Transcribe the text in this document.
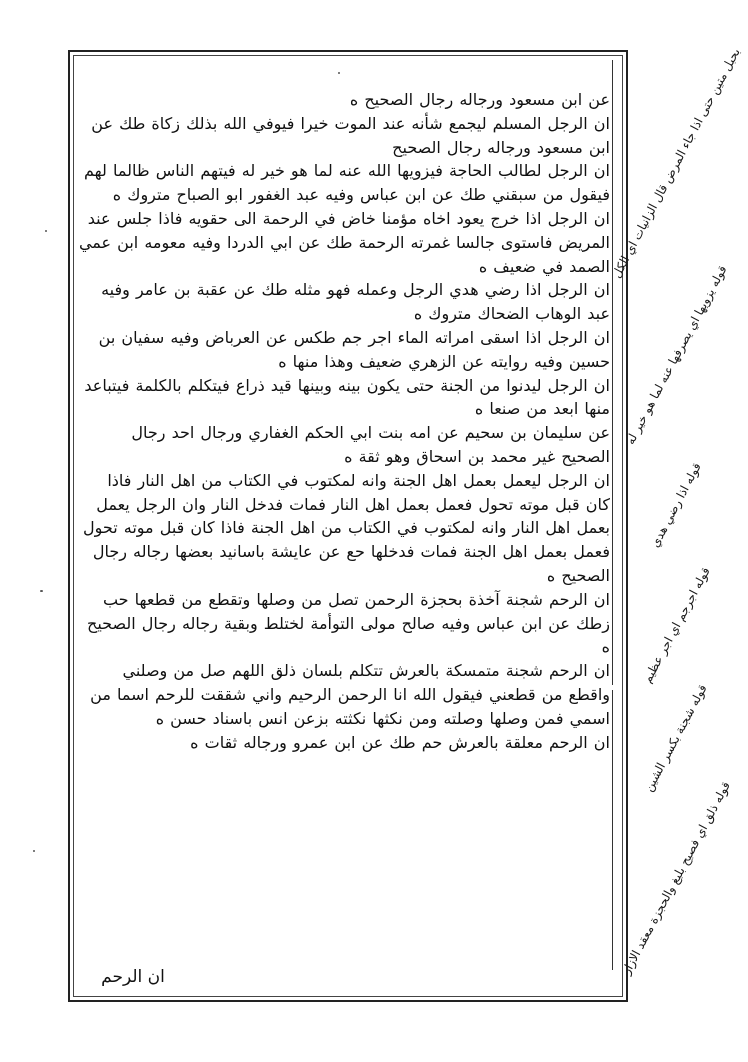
عن ابن مسعود ورجاله رجال الصحيح ه

ان الرجل المسلم ليجمع شأنه عند الموت خيرا فيوفي الله بذلك زكاة طك عن ابن مسعود ورجاله رجال الصحيح

ان الرجل لطالب الحاجة فيزويها الله عنه لما هو خير له فيتهم الناس ظالما لهم فيقول من سبقني طك عن ابن عباس وفيه عبد الغفور ابو الصباح متروك ه

ان الرجل اذا خرج يعود اخاه مؤمنا خاض في الرحمة الى حقويه فاذا جلس عند المريض فاستوى جالسا غمرته الرحمة طك عن ابي الدردا وفيه معومه ابن عمي الصمد في ضعيف ه

ان الرجل اذا رضي هدي الرجل وعمله فهو مثله طك عن عقبة بن عامر وفيه عبد الوهاب الضحاك متروك ه

ان الرجل اذا اسقى امراته الماء اجر جم طكس عن العرباض وفيه سفيان بن حسين وفيه روايته عن الزهري ضعيف وهذا منها ه

ان الرجل ليدنوا من الجنة حتى يكون بينه وبينها قيد ذراع فيتكلم بالكلمة فيتباعد منها ابعد من صنعا ه

عن سليمان بن سحيم عن امه بنت ابي الحكم الغفاري ورجال احد رجال الصحيح غير محمد بن اسحاق وهو ثقة ه

ان الرجل ليعمل بعمل اهل الجنة وانه لمكتوب في الكتاب من اهل النار فاذا كان قبل موته تحول فعمل بعمل اهل النار فمات فدخل النار وان الرجل يعمل بعمل اهل النار وانه لمكتوب في الكتاب من اهل الجنة فاذا كان قبل موته تحول فعمل بعمل اهل الجنة فمات فدخلها حع عن عايشة باسانيد بعضها رجاله رجال الصحيح ه

ان الرحم شجنة آخذة بحجزة الرحمن تصل من وصلها وتقطع من قطعها حب زطك عن ابن عباس وفيه صالح مولى التوأمة لختلط وبقية رجاله رجال الصحيح ه

ان الرحم شجنة متمسكة بالعرش تتكلم بلسان ذلق اللهم صل من وصلني واقطع من قطعني فيقول الله انا الرحمن الرحيم واني شققت للرحم اسما من اسمي فمن وصلها وصلته ومن نكثها نكثته بزعن انس باسناد حسن ه

ان الرحم معلقة بالعرش حم طك عن ابن عمرو ورجاله ثقات ه

ان الرحم
بحبل متين حتى اذا جاء المرض قال الزانيات اي الكل
قوله يزويها اي يصرفها عنه لما هو خير له
قوله اذا رضي هدي
قوله اجرجم اي اجر عظيم
قوله شجنة بكسر الشين
قوله ذلق اي فصيح بليغ والحجزة معقد الازار
